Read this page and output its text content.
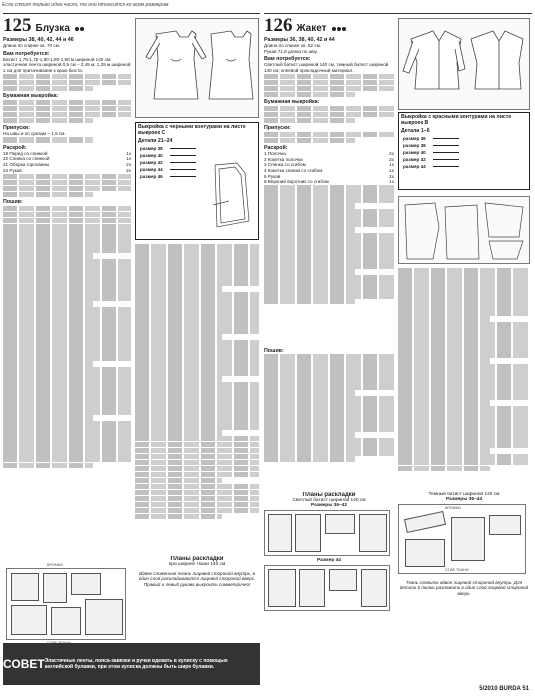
Если стоит только одно число, то оно относится ко всем размерам
125 Блузка
Размеры 38, 40, 42, 44 и 46
Длина по спинке ок. 70 см.
Вам потребуется:
Батист 1,75-1,75-1,80-1,80-1,80 м шириной 140 см; эластичная лента шириной 0,5 см – 3,45 м; 1,25 м шириной 1 см для притачивания к краю бюста.
Бумажная выкройка:
Припуски:
На швы и по срезам – 1,5 см.
Раскрой:
19 Перед со спинкой	1x
22 Спинка со спинкой	1x
21 Оборка горловины	2x
24 Рукав	2x
Пошив:
Выкройка с черными контурами на листе выкроек С
Детали 21–24
размер 38
размер 40
размер 42
размер 44
размер 46
Планы раскладки
при ширине ткани 140 см
Вдвое сложенная ткань лицевой стороной внутрь, в один слой раскладываются лицевой стороной вверх. Правый и левый рукава выкроить симметрично!
КРОМКИ
126 Жакет
Размеры 36, 38, 40, 42 и 44
Длина по спинке ок. 52 см.
Рукав 71,8 длина по шву.
Вам потребуется:
Светлый батист шириной 140 см, темный батист шириной 140 см; клеевой прокладочный материал.
Бумажная выкройка:
Припуски:
Раскрой:
1 Полочка	2x
2 Кокетка полочки	2x
3 Спинка со сгибом	1x
4 Кокетка спинки со сгибом	1x
5 Рукав	2x
6 Верхний воротник со сгибом	1x
Пошив:
Выкройка с красными контурами на листе выкроек В
Детали 1–6
размер 36
размер 38
размер 40
размер 42
размер 44
Планы раскладки
Светлый батист шириной 140 см
Размеры 36–42
Размер 44
Темный батист шириной 140 см
Размеры 36–44
КРОМКИ
СГИБ ТКАНИ
Ткань сложить вдвое лицевой стороной внутрь. Для детали 6 ткань разложить в один слой лицевой стороной вверх.
СОВЕТ Эластичные ленты, пояса-завязки и ручки вдевать в кулиску с помощью английской булавки, при этом кулиска должны быть шире булавки.
5/2010 BURDA 51
